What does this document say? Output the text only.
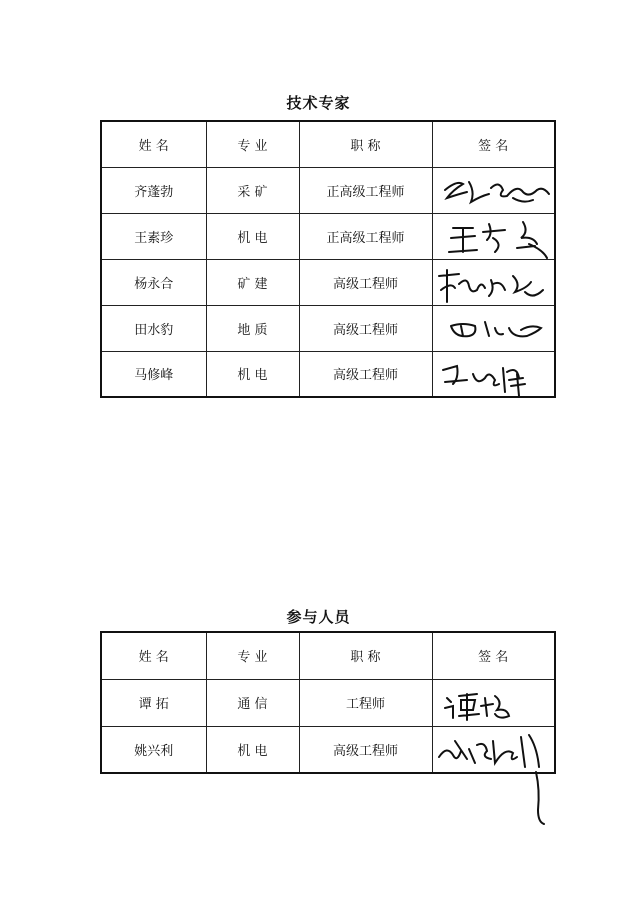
技术专家
姓 名	专 业	职 称	签 名
齐蓬勃	采 矿	正高级工程师	

王素珍	机 电	正高级工程师	

杨永合	矿 建	高级工程师	

田水豹	地 质	高级工程师	

马修峰	机 电	高级工程师	
参与人员
姓 名	专 业	职 称	签 名
谭 拓	通 信	工程师	

姚兴利	机 电	高级工程师	
